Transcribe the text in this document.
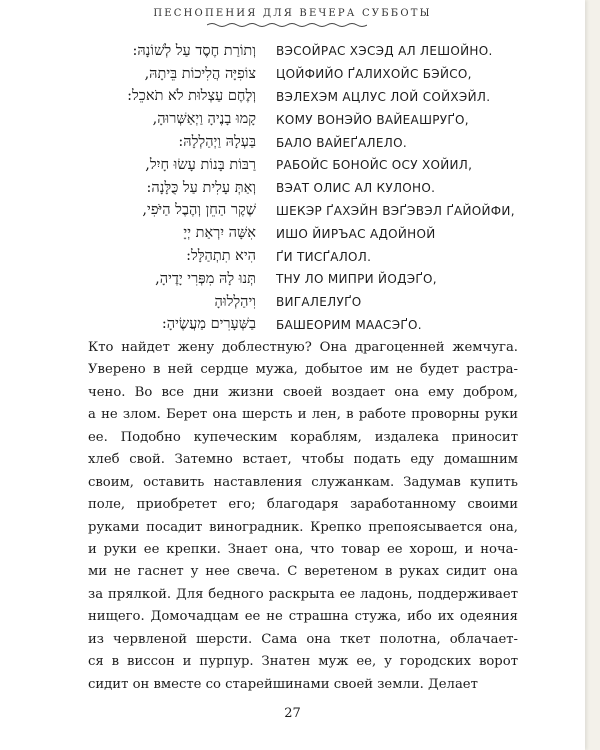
ПЕСНОПЕНИЯ ДЛЯ ВЕЧЕРА СУББОТЫ
וְתוֹרַת חֶסֶד עַל לְשׁוֹנָהּ: ВЭСОЙРАС ХЭСЭД АЛ ЛЕШОЙНО.
צוֹפִיָּה הֲלִיכוֹת בֵּיתָהּ, ЦОЙФИЙО ҐАЛИХОЙС БЭЙСО,
וְלֶחֶם עַצְלוּת לֹא תֹאכֵל: ВЭЛЕХЭМ АЦЛУС ЛОЙ СОЙХЭЙЛ.
קָמוּ בָנֶיהָ וַיְאַשְּׁרוּהָ, КОМУ ВОНЭЙО ВАЙЕАШРУҐО,
בַּעְלָהּ וַיְהַלְלָהּ: БАЛО ВАЙЕҐАЛЕЛО.
רַבּוֹת בָּנוֹת עָשׂוּ חָיִל, РАБОЙС БОНОЙС ОСУ ХОЙИЛ,
וְאַתְּ עָלִית עַל כֻּלָּנָה: ВЭАТ ОЛИС АЛ КУЛОНО.
שֶׁקֶר הַחֵן וְהֶבֶל הַיֹּפִי, ШЕКЭР ҐАХЭЙН ВЭҐЭВЭЛ ҐАЙОЙФИ,
אִשָּׁה יִרְאַת יְיָ ИШО ЙИРЪАС АДОЙНОЙ
הִיא תִתְהַלָּל: ҐИ ТИСҐАЛОЛ.
תְּנוּ לָהּ מִפְּרִי יָדֶיהָ, ТНУ ЛО МИПРИ ЙОДЭҐО,
וִיהַלְלוּהָ ВИГАЛЕЛУҐО
בַשְּׁעָרִים מַעֲשֶׂיהָ: БАШЕОРИМ МААСЭҐО.
Кто найдет жену доблестную? Она драгоценней жемчуга.
Уверено в ней сердце мужа, добытое им не будет растра-
чено. Во все дни жизни своей воздает она ему добром,
а не злом. Берет она шерсть и лен, в работе проворны руки
ее. Подобно купеческим кораблям, издалека приносит
хлеб свой. Затемно встает, чтобы подать еду домашним
своим, оставить наставления служанкам. Задумав купить
поле, приобретет его; благодаря заработанному своими
руками посадит виноградник. Крепко препоясывается она,
и руки ее крепки. Знает она, что товар ее хорош, и ноча-
ми не гаснет у нее свеча. С веретеном в руках сидит она
за прялкой. Для бедного раскрыта ее ладонь, поддерживает
нищего. Домочадцам ее не страшна стужа, ибо их одеяния
из червленой шерсти. Сама она ткет полотна, облачает-
ся в виссон и пурпур. Знатен муж ее, у городских ворот
сидит он вместе со старейшинами своей земли. Делает
27
